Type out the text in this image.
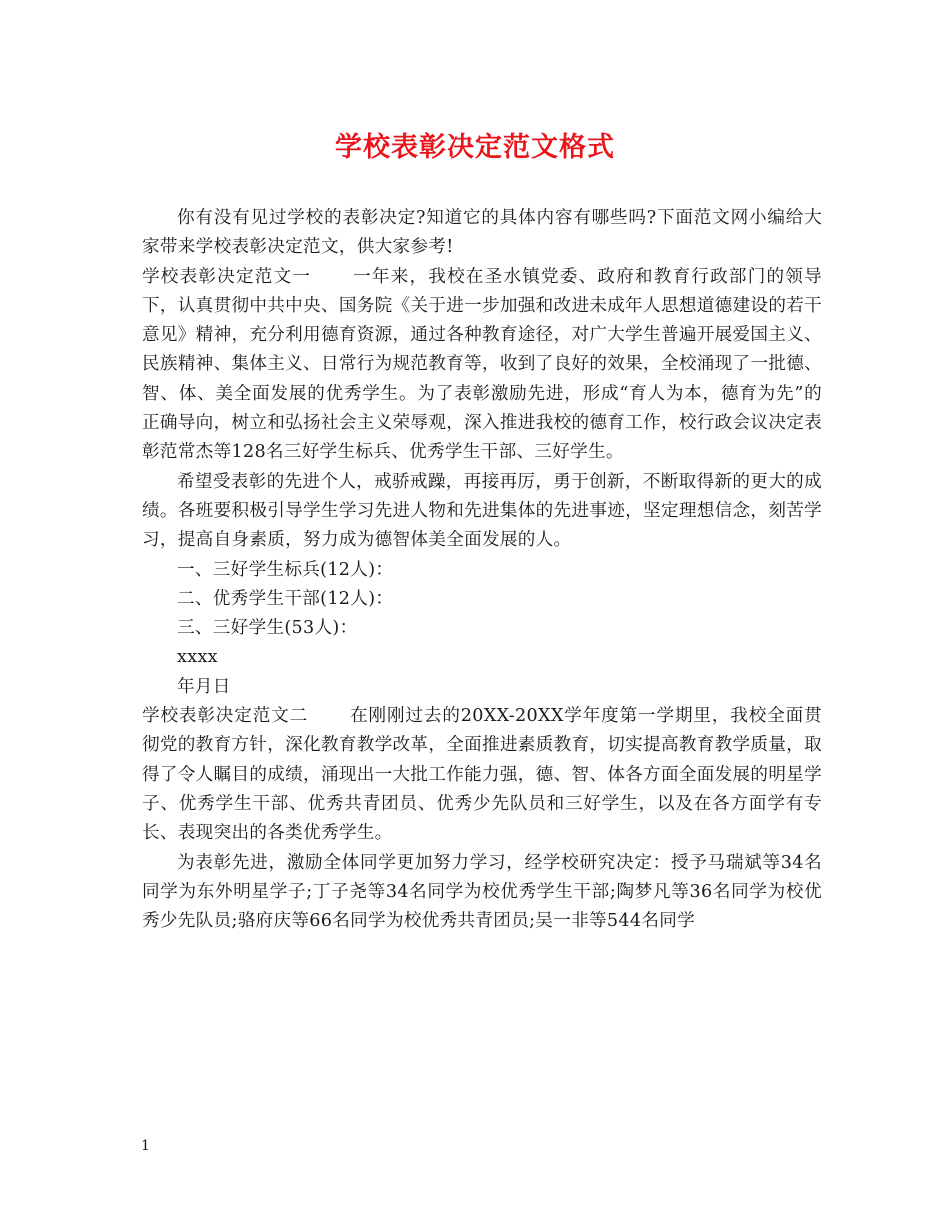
学校表彰决定范文格式

你有没有见过学校的表彰决定?知道它的具体内容有哪些吗?下面范文网小编给大家带来学校表彰决定范文，供大家参考!

学校表彰决定范文一 一年来，我校在圣水镇党委、政府和教育行政部门的领导下，认真贯彻中共中央、国务院《关于进一步加强和改进未成年人思想道德建设的若干意见》精神，充分利用德育资源，通过各种教育途径，对广大学生普遍开展爱国主义、民族精神、集体主义、日常行为规范教育等，收到了良好的效果，全校涌现了一批德、智、体、美全面发展的优秀学生。为了表彰激励先进，形成“育人为本，德育为先”的正确导向，树立和弘扬社会主义荣辱观，深入推进我校的德育工作，校行政会议决定表彰范常杰等128名三好学生标兵、优秀学生干部、三好学生。

希望受表彰的先进个人，戒骄戒躁，再接再厉，勇于创新，不断取得新的更大的成绩。各班要积极引导学生学习先进人物和先进集体的先进事迹，坚定理想信念，刻苦学习，提高自身素质，努力成为德智体美全面发展的人。

一、三好学生标兵(12人)：

二、优秀学生干部(12人)：

三、三好学生(53人)：

xxxx

年月日

学校表彰决定范文二 在刚刚过去的20XX-20XX学年度第一学期里，我校全面贯彻党的教育方针，深化教育教学改革，全面推进素质教育，切实提高教育教学质量，取得了令人瞩目的成绩，涌现出一大批工作能力强，德、智、体各方面全面发展的明星学子、优秀学生干部、优秀共青团员、优秀少先队员和三好学生，以及在各方面学有专长、表现突出的各类优秀学生。

为表彰先进，激励全体同学更加努力学习，经学校研究决定：授予马瑞斌等34名同学为东外明星学子;丁子尧等34名同学为校优秀学生干部;陶梦凡等36名同学为校优秀少先队员;骆府庆等66名同学为校优秀共青团员;吴一非等544名同学

1
